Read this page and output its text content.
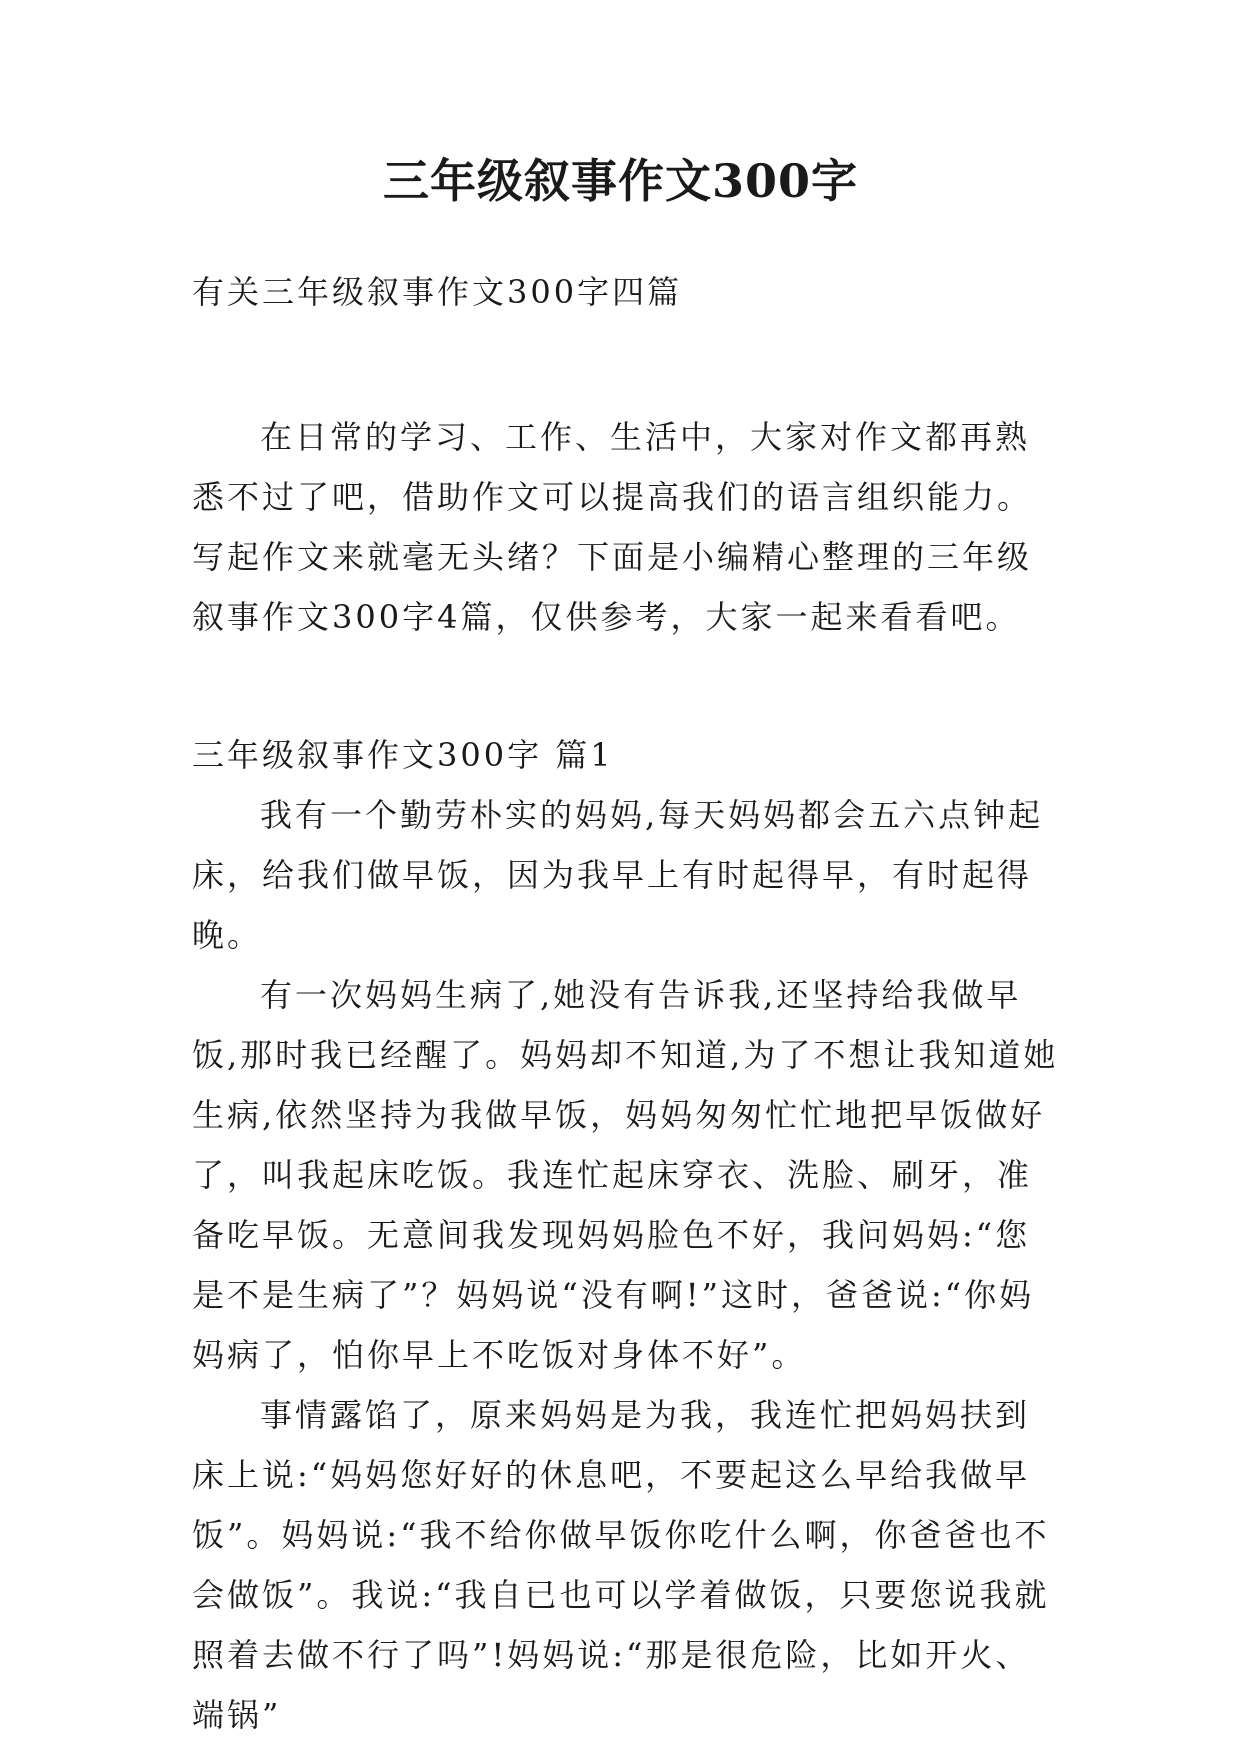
三年级叙事作文300字

有关三年级叙事作文300字四篇

在日常的学习、工作、生活中，大家对作文都再熟悉不过了吧，借助作文可以提高我们的语言组织能力。写起作文来就毫无头绪？下面是小编精心整理的三年级叙事作文300字4篇，仅供参考，大家一起来看看吧。

三年级叙事作文300字 篇1

我有一个勤劳朴实的妈妈,每天妈妈都会五六点钟起床，给我们做早饭，因为我早上有时起得早，有时起得晚。

有一次妈妈生病了,她没有告诉我,还坚持给我做早饭,那时我已经醒了。妈妈却不知道,为了不想让我知道她生病,依然坚持为我做早饭，妈妈匆匆忙忙地把早饭做好了，叫我起床吃饭。我连忙起床穿衣、洗脸、刷牙，准备吃早饭。无意间我发现妈妈脸色不好，我问妈妈:“您是不是生病了”？妈妈说“没有啊!”这时，爸爸说:“你妈妈病了，怕你早上不吃饭对身体不好”。

事情露馅了，原来妈妈是为我，我连忙把妈妈扶到床上说:“妈妈您好好的休息吧，不要起这么早给我做早饭”。妈妈说:“我不给你做早饭你吃什么啊，你爸爸也不会做饭”。我说:“我自已也可以学着做饭，只要您说我就照着去做不行了吗”!妈妈说:“那是很危险，比如开火、端锅”
